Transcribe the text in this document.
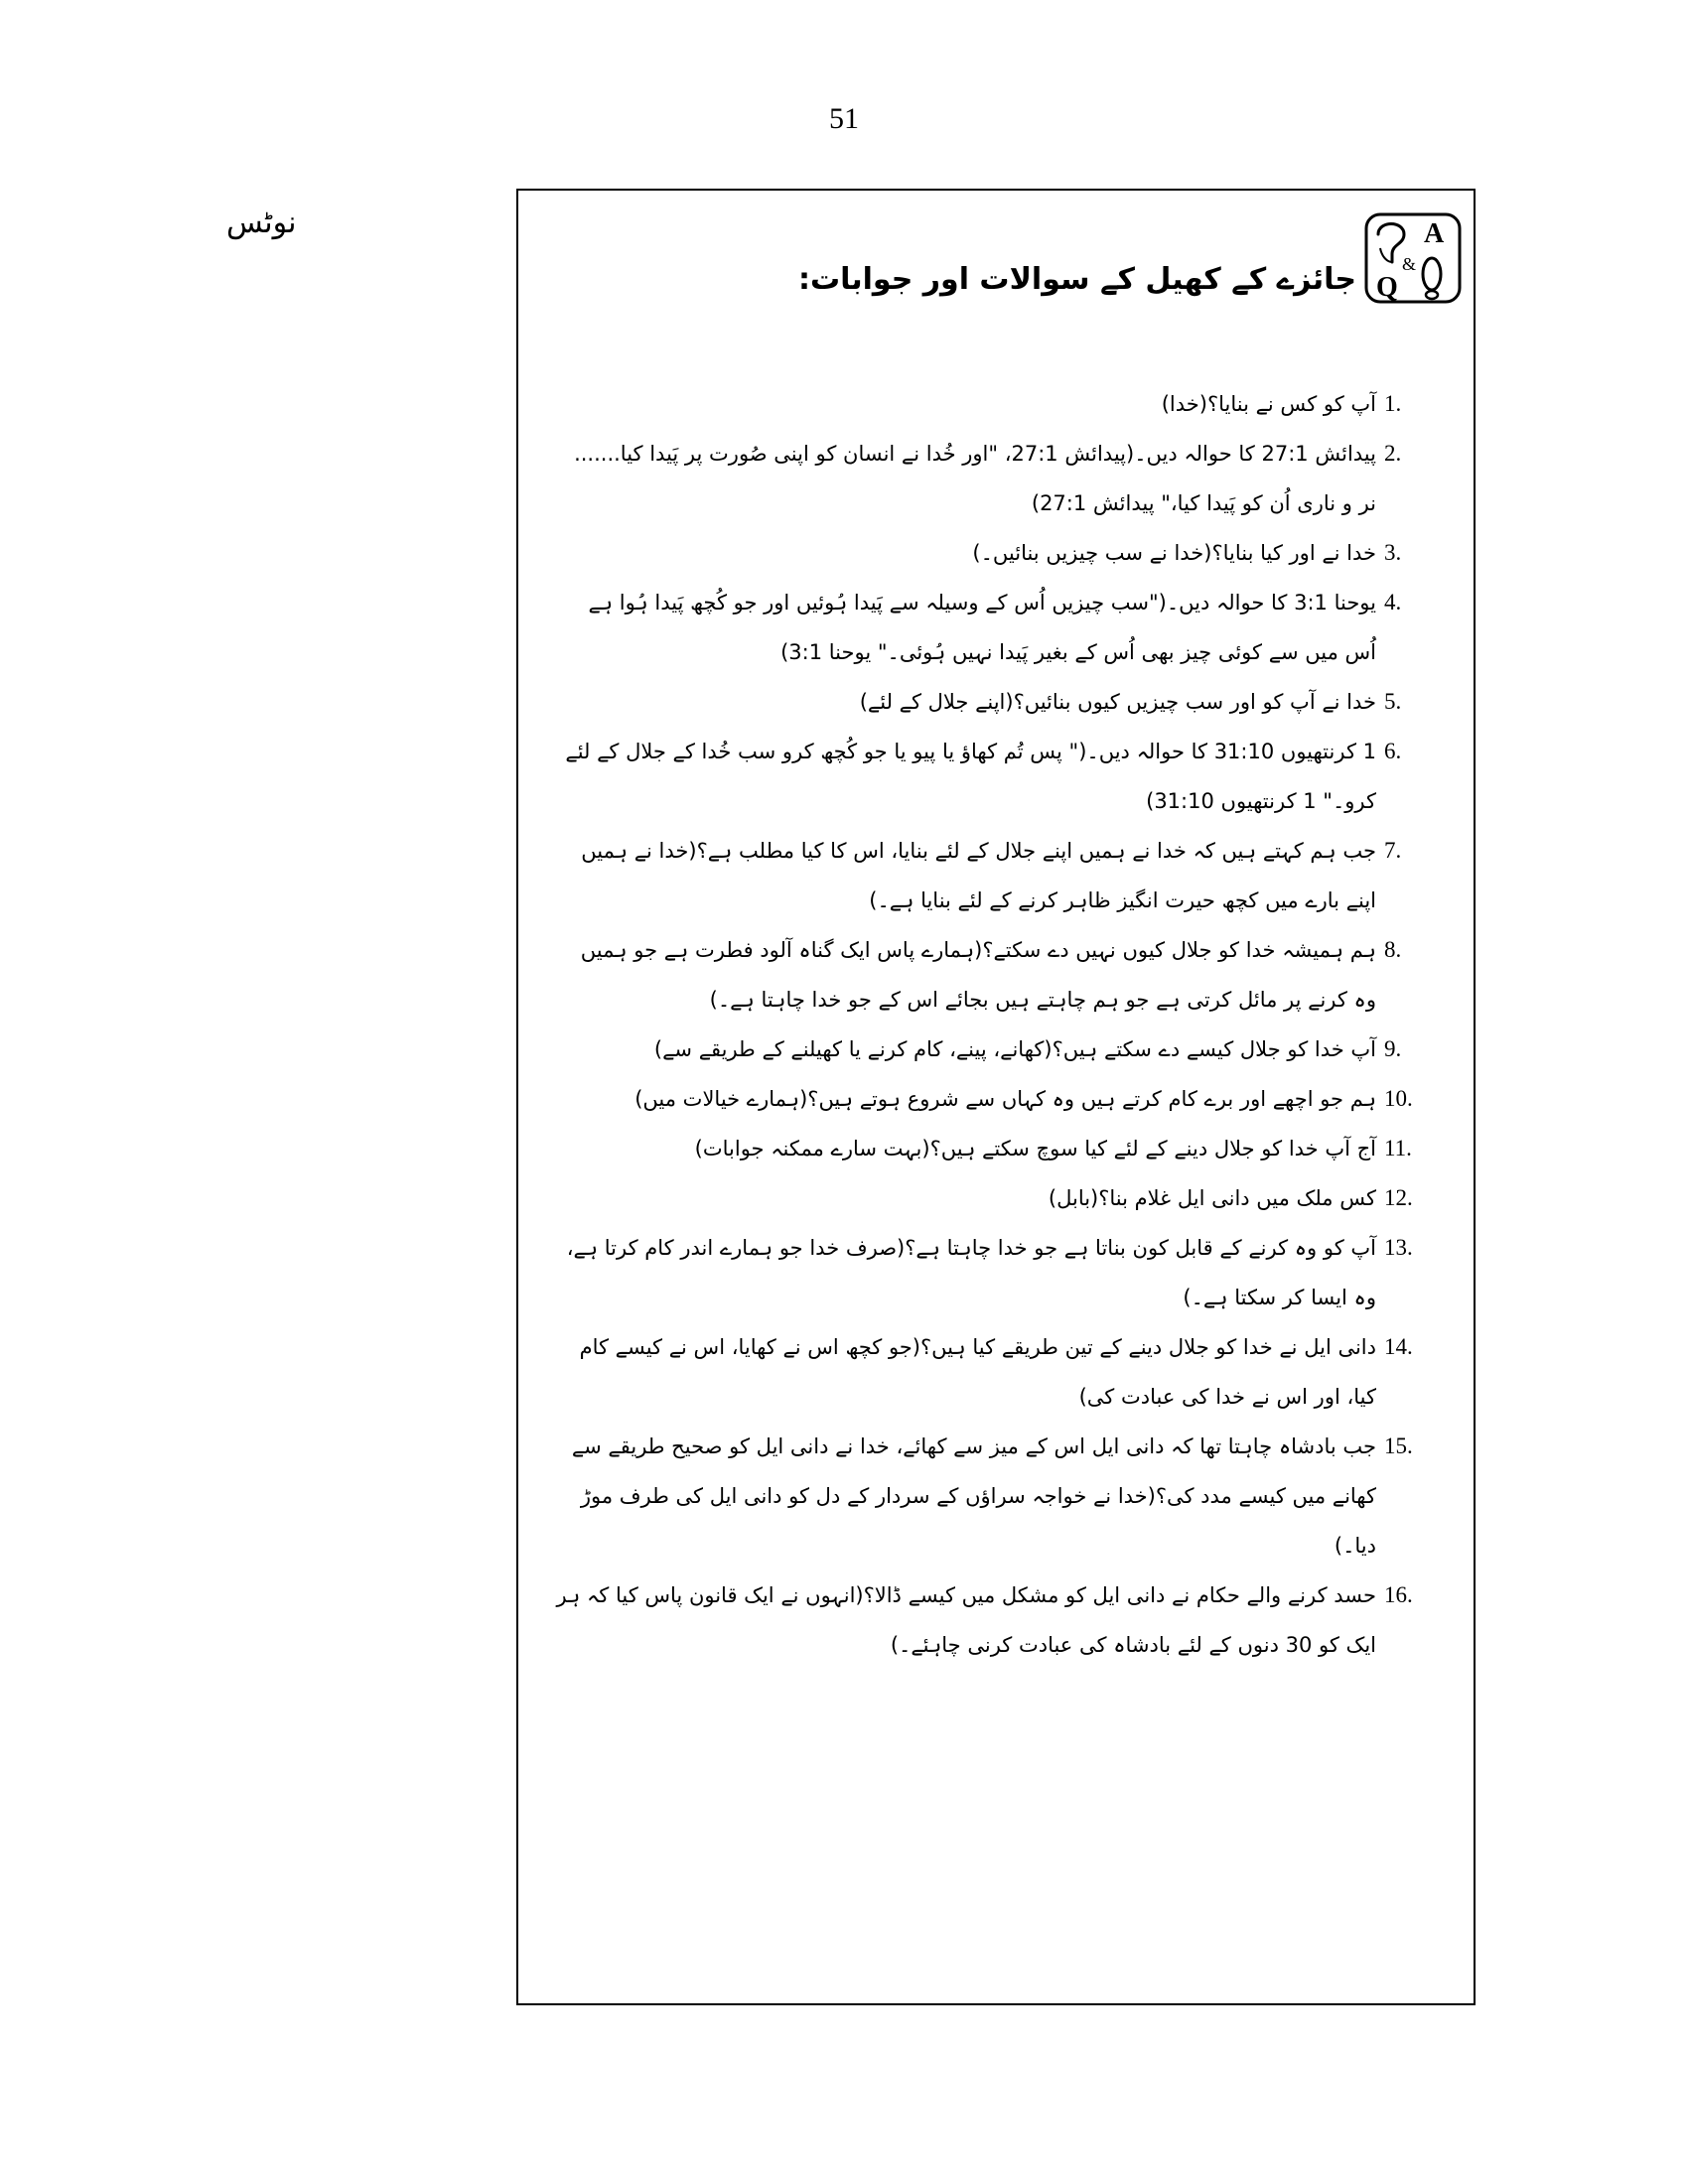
51
نوٹس
جائزے کے کھیل کے سوالات اور جوابات:
A
&
Q
1.
آپ کو کس نے بنایا؟(خدا)
2.
پیدائش 27:1 کا حوالہ دیں۔(پیدائش 27:1، "اور خُدا نے انسان کو اپنی صُورت پر پَیدا کیا....... نر و ناری اُن کو پَیدا کیا،" پیدائش 27:1)
3.
خدا نے اور کیا بنایا؟(خدا نے سب چیزیں بنائیں۔)
4.
یوحنا 3:1 کا حوالہ دیں۔("سب چیزیں اُس کے وسیلہ سے پَیدا ہُوئیں اور جو کُچھ پَیدا ہُوا ہے اُس میں سے کوئی چیز بھی اُس کے بغیر پَیدا نہیں ہُوئی۔" یوحنا 3:1)
5.
خدا نے آپ کو اور سب چیزیں کیوں بنائیں؟(اپنے جلال کے لئے)
6.
1 کرنتھیوں 31:10 کا حوالہ دیں۔(" پس تُم کھاؤ یا پیو یا جو کُچھ کرو سب خُدا کے جلال کے لئے کرو۔" 1 کرنتھیوں 31:10)
7.
جب ہم کہتے ہیں کہ خدا نے ہمیں اپنے جلال کے لئے بنایا، اس کا کیا مطلب ہے؟(خدا نے ہمیں اپنے بارے میں کچھ حیرت انگیز ظاہر کرنے کے لئے بنایا ہے۔)
8.
ہم ہمیشہ خدا کو جلال کیوں نہیں دے سکتے؟(ہمارے پاس ایک گناہ آلود فطرت ہے جو ہمیں وہ کرنے پر مائل کرتی ہے جو ہم چاہتے ہیں بجائے اس کے جو خدا چاہتا ہے۔)
9.
آپ خدا کو جلال کیسے دے سکتے ہیں؟(کھانے، پینے، کام کرنے یا کھیلنے کے طریقے سے)
10.
ہم جو اچھے اور برے کام کرتے ہیں وہ کہاں سے شروع ہوتے ہیں؟(ہمارے خیالات میں)
11.
آج آپ خدا کو جلال دینے کے لئے کیا سوچ سکتے ہیں؟(بہت سارے ممکنہ جوابات)
12.
کس ملک میں دانی ایل غلام بنا؟(بابل)
13.
آپ کو وہ کرنے کے قابل کون بناتا ہے جو خدا چاہتا ہے؟(صرف خدا جو ہمارے اندر کام کرتا ہے، وہ ایسا کر سکتا ہے۔)
14.
دانی ایل نے خدا کو جلال دینے کے تین طریقے کیا ہیں؟(جو کچھ اس نے کھایا، اس نے کیسے کام کیا، اور اس نے خدا کی عبادت کی)
15.
جب بادشاہ چاہتا تھا کہ دانی ایل اس کے میز سے کھائے، خدا نے دانی ایل کو صحیح طریقے سے کھانے میں کیسے مدد کی؟(خدا نے خواجہ سراؤں کے سردار کے دل کو دانی ایل کی طرف موڑ دیا۔)
16.
حسد کرنے والے حکام نے دانی ایل کو مشکل میں کیسے ڈالا؟(انہوں نے ایک قانون پاس کیا کہ ہر ایک کو 30 دنوں کے لئے بادشاہ کی عبادت کرنی چاہئے۔)
